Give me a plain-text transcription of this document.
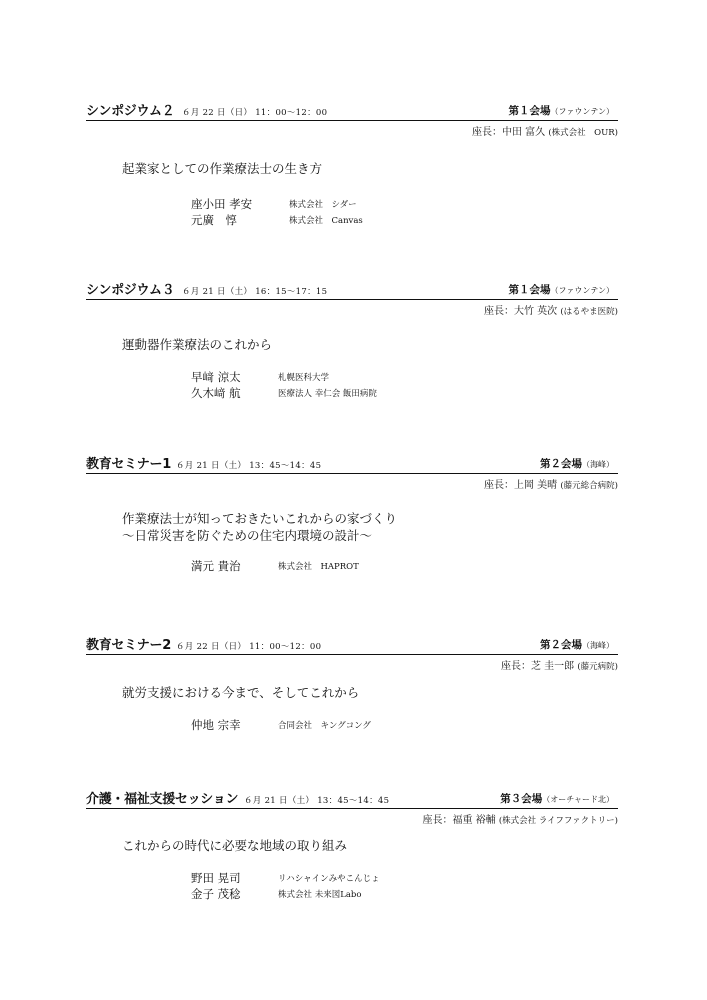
シンポジウム２ ６月 22 日（日） 11：00〜12：00	第１会場（ファウンテン）
座長：中田 富久 (株式会社　OUR)
起業家としての作業療法士の生き方
座小田 孝安	株式会社　シダー
元廣　惇	株式会社　Canvas
シンポジウム３ ６月 21 日（土） 16：15〜17：15	第１会場（ファウンテン）
座長：大竹 英次 (はるやま医院)
運動器作業療法のこれから
早﨑 涼太	札幌医科大学
久木﨑 航	医療法人 幸仁会 飯田病院
教育セミナー1 ６月 21 日（土） 13：45〜14：45	第２会場（海峰）
座長：上岡 美晴 (藤元総合病院)
作業療法士が知っておきたいこれからの家づくり
〜日常災害を防ぐための住宅内環境の設計〜
満元 貴治	株式会社　HAPROT
教育セミナー2 ６月 22 日（日） 11：00〜12：00	第２会場（海峰）
座長：芝 圭一郎 (藤元病院)
就労支援における今まで、そしてこれから
仲地 宗幸	合同会社　キングコング
介護・福祉支援セッション ６月 21 日（土） 13：45〜14：45	第３会場（オーチャード北）
座長：福重 裕輔 (株式会社 ライフファクトリー)
これからの時代に必要な地域の取り組み
野田 晃司	リハシャインみやこんじょ
金子 茂稔	株式会社 未来図Labo
